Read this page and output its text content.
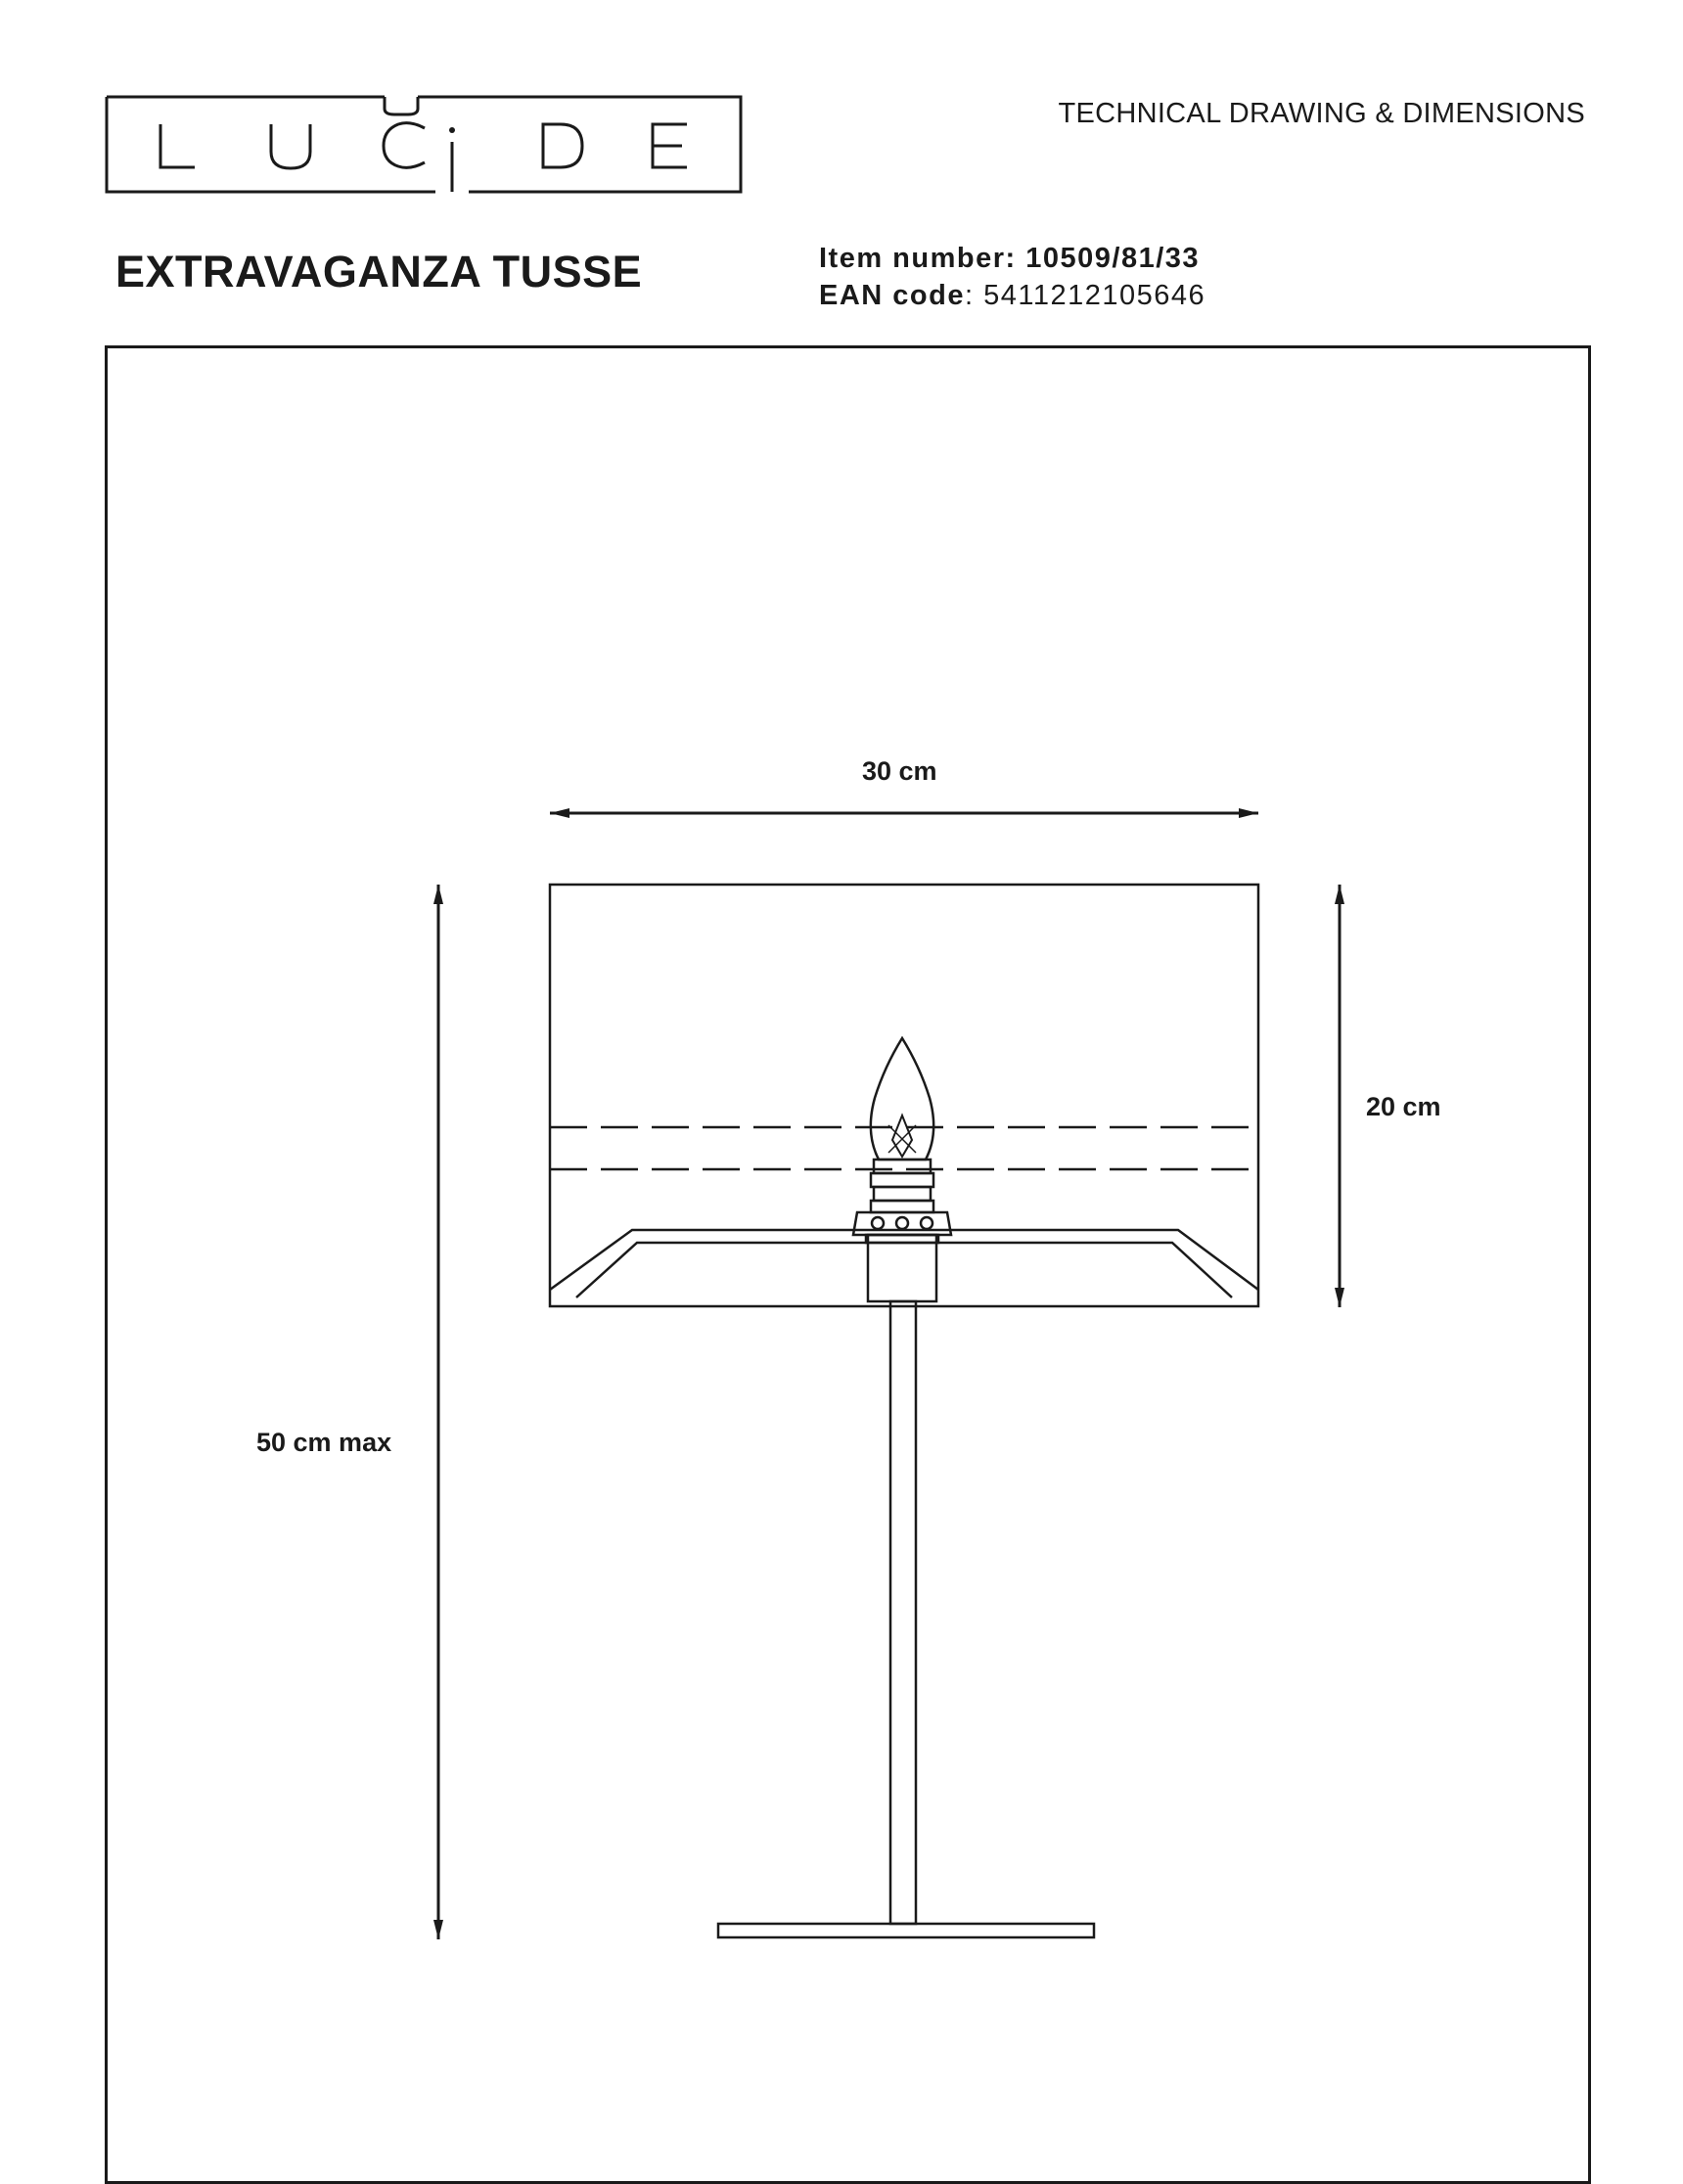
TECHNICAL DRAWING & DIMENSIONS
EXTRAVAGANZA TUSSE	Item number: 10509/81/33
EAN code: 5411212105646
30 cm
20 cm
50 cm max
